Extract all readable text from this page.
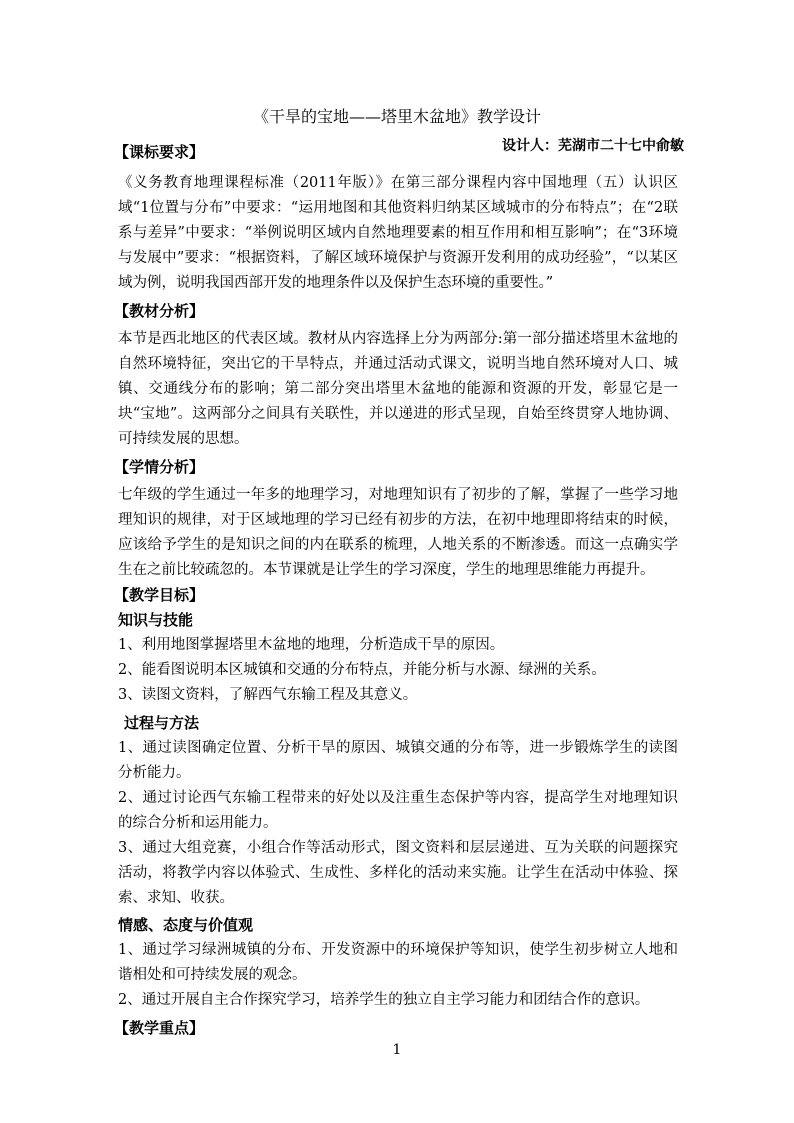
《干旱的宝地——塔里木盆地》教学设计
设计人：芜湖市二十七中俞敏
【课标要求】

《义务教育地理课程标准（2011年版）》在第三部分课程内容中国地理（五）认识区域“1位置与分布”中要求：“运用地图和其他资料归纳某区域城市的分布特点”；在“2联系与差异”中要求：“举例说明区域内自然地理要素的相互作用和相互影响”；在“3环境与发展中”要求：“根据资料，了解区域环境保护与资源开发利用的成功经验”，“以某区域为例，说明我国西部开发的地理条件以及保护生态环境的重要性。”

【教材分析】

本节是西北地区的代表区域。教材从内容选择上分为两部分:第一部分描述塔里木盆地的自然环境特征，突出它的干旱特点，并通过活动式课文，说明当地自然环境对人口、城镇、交通线分布的影响；第二部分突出塔里木盆地的能源和资源的开发，彰显它是一块“宝地”。这两部分之间具有关联性，并以递进的形式呈现，自始至终贯穿人地协调、可持续发展的思想。

【学情分析】

七年级的学生通过一年多的地理学习，对地理知识有了初步的了解，掌握了一些学习地理知识的规律，对于区域地理的学习已经有初步的方法，在初中地理即将结束的时候，应该给予学生的是知识之间的内在联系的梳理，人地关系的不断渗透。而这一点确实学生在之前比较疏忽的。本节课就是让学生的学习深度，学生的地理思维能力再提升。

【教学目标】
知识与技能

1、利用地图掌握塔里木盆地的地理，分析造成干旱的原因。

2、能看图说明本区城镇和交通的分布特点，并能分析与水源、绿洲的关系。

3、读图文资料，了解西气东输工程及其意义。

过程与方法

1、通过读图确定位置、分析干旱的原因、城镇交通的分布等，进一步锻炼学生的读图分析能力。

2、通过讨论西气东输工程带来的好处以及注重生态保护等内容，提高学生对地理知识的综合分析和运用能力。

3、通过大组竞赛，小组合作等活动形式，图文资料和层层递进、互为关联的问题探究活动，将教学内容以体验式、生成性、多样化的活动来实施。让学生在活动中体验、探索、求知、收获。

情感、态度与价值观

1、通过学习绿洲城镇的分布、开发资源中的环境保护等知识，使学生初步树立人地和谐相处和可持续发展的观念。

2、通过开展自主合作探究学习，培养学生的独立自主学习能力和团结合作的意识。

【教学重点】
1
